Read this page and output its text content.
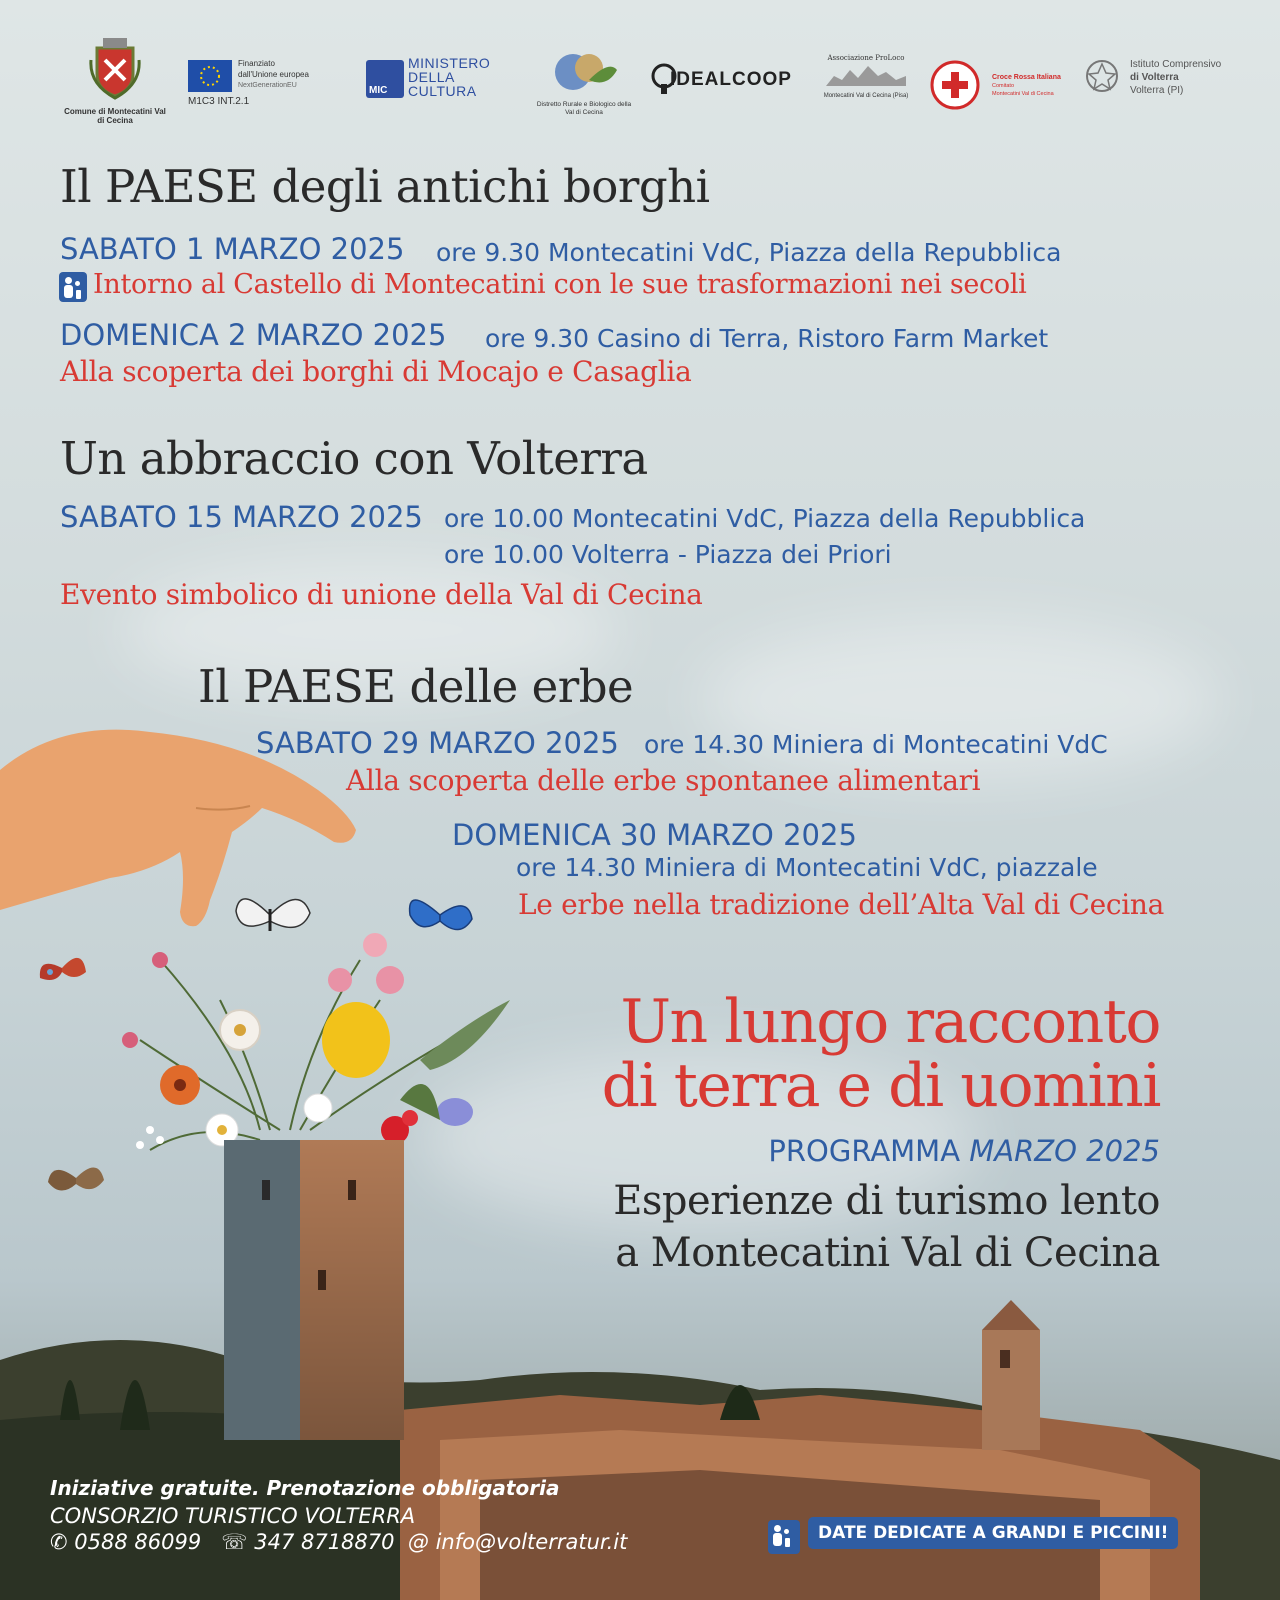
Comune di Montecatini Val di Cecina
Finanziato
dall'Unione europea
NextGenerationEU
M1C3 INT.2.1
MIC
MINISTERO
DELLA
CULTURA
Distretto Rurale e Biologico della Val di Cecina
IDEALCOOP
Associazione ProLoco
Montecatini Val di Cecina (Pisa)
Croce Rossa Italiana
Comitato
Montecatini Val di Cecina
Istituto Comprensivo
di Volterra
Volterra (PI)
Il PAESE degli antichi borghi
SABATO 1 MARZO 2025 ore 9.30 Montecatini VdC, Piazza della Repubblica
Intorno al Castello di Montecatini con le sue trasformazioni nei secoli
DOMENICA 2 MARZO 2025 ore 9.30 Casino di Terra, Ristoro Farm Market
Alla scoperta dei borghi di Mocajo e Casaglia
Un abbraccio con Volterra
SABATO 15 MARZO 2025 ore 10.00 Montecatini VdC, Piazza della Repubblica
ore 10.00 Volterra - Piazza dei Priori
Evento simbolico di unione della Val di Cecina
Il PAESE delle erbe
SABATO 29 MARZO 2025 ore 14.30 Miniera di Montecatini VdC
Alla scoperta delle erbe spontanee alimentari
DOMENICA 30 MARZO 2025
ore 14.30 Miniera di Montecatini VdC, piazzale
Le erbe nella tradizione dell’Alta Val di Cecina
Un lungo racconto
di terra e di uomini
PROGRAMMA MARZO 2025
Esperienze di turismo lento
a Montecatini Val di Cecina
Iniziative gratuite. Prenotazione obbligatoria
CONSORZIO TURISTICO VOLTERRA
✆ 0588 86099 ☏ 347 8718870 @ info@volterratur.it	DATE DEDICATE A GRANDI E PICCINI!
